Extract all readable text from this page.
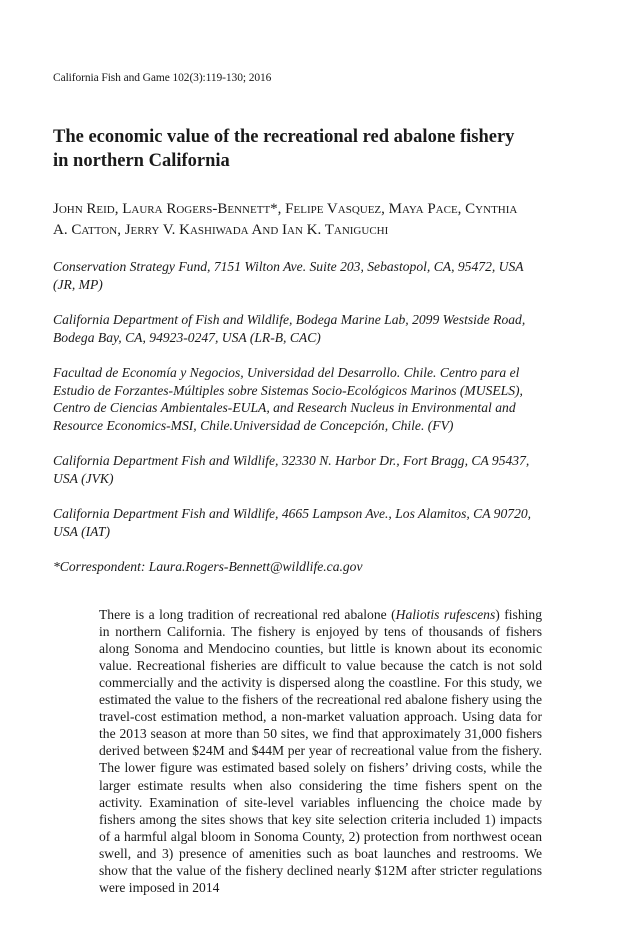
California Fish and Game 102(3):119-130; 2016
The economic value of the recreational red abalone fishery
in northern California
John Reid, Laura Rogers-Bennett*, Felipe Vasquez, Maya Pace, Cynthia
A. Catton, Jerry V. Kashiwada And Ian K. Taniguchi
Conservation Strategy Fund, 7151 Wilton Ave. Suite 203, Sebastopol, CA, 95472, USA
(JR, MP)
California Department of Fish and Wildlife, Bodega Marine Lab, 2099 Westside Road,
Bodega Bay, CA, 94923-0247, USA (LR-B, CAC)
Facultad de Economía y Negocios, Universidad del Desarrollo. Chile. Centro para el
Estudio de Forzantes-Múltiples sobre Sistemas Socio-Ecológicos Marinos (MUSELS),
Centro de Ciencias Ambientales-EULA, and Research Nucleus in Environmental and
Resource Economics-MSI, Chile.Universidad de Concepción, Chile. (FV)
California Department Fish and Wildlife, 32330 N. Harbor Dr., Fort Bragg, CA 95437,
USA (JVK)
California Department Fish and Wildlife, 4665 Lampson Ave., Los Alamitos, CA 90720,
USA (IAT)
*Correspondent: Laura.Rogers-Bennett@wildlife.ca.gov

There is a long tradition of recreational red abalone (Haliotis rufescens) fishing in northern California. The fishery is enjoyed by tens of thousands of fishers along Sonoma and Mendocino counties, but little is known about its economic value. Recreational fisheries are difficult to value because the catch is not sold commercially and the activity is dispersed along the coastline. For this study, we estimated the value to the fishers of the recreational red abalone fishery using the travel-cost estimation method, a non-market valuation approach. Using data for the 2013 season at more than 50 sites, we find that approximately 31,000 fishers derived between $24M and $44M per year of recreational value from the fishery. The lower figure was estimated based solely on fishers’ driving costs, while the larger estimate results when also considering the time fishers spent on the activity. Examination of site-level variables influencing the choice made by fishers among the sites shows that key site selection criteria included 1) impacts of a harmful algal bloom in Sonoma County, 2) protection from northwest ocean swell, and 3) presence of amenities such as boat launches and restrooms. We show that the value of the fishery declined nearly $12M after stricter regulations were imposed in 2014
